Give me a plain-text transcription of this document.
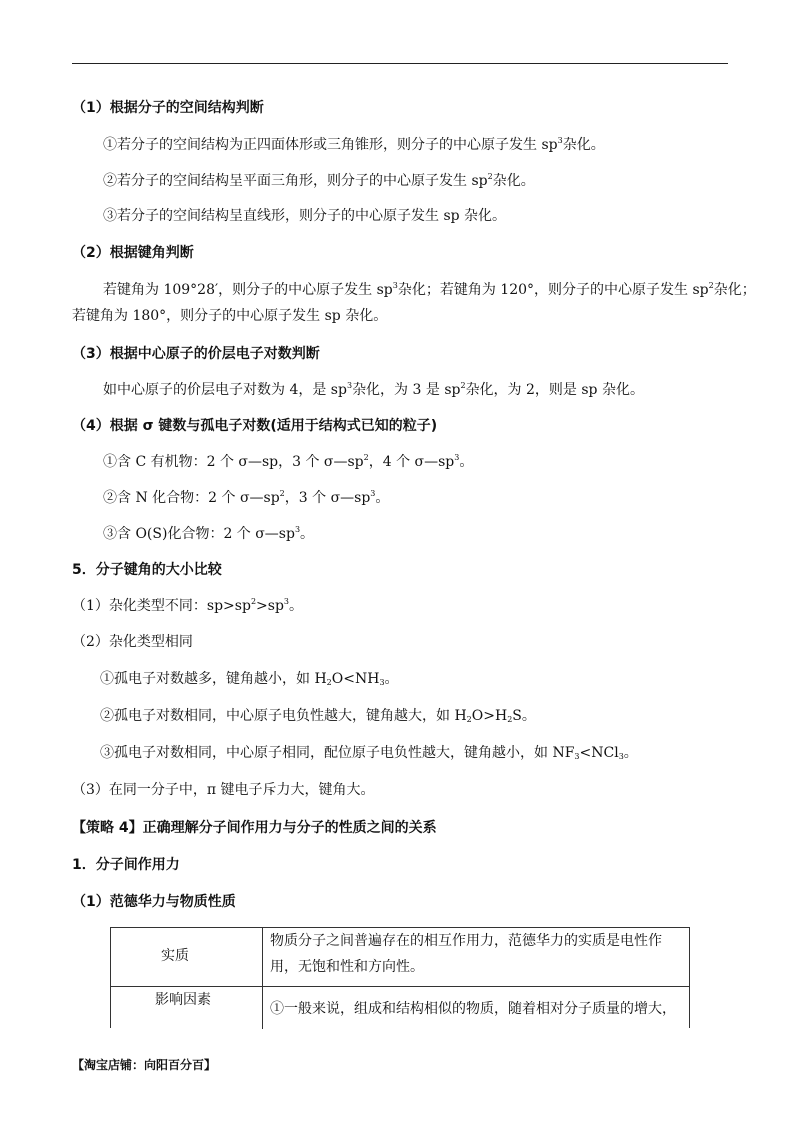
（1）根据分子的空间结构判断
①若分子的空间结构为正四面体形或三角锥形，则分子的中心原子发生 $sp^3$杂化。
②若分子的空间结构呈平面三角形，则分子的中心原子发生 $sp^2$杂化。
③若分子的空间结构呈直线形，则分子的中心原子发生 sp 杂化。
（2）根据键角判断
若键角为 109°28′，则分子的中心原子发生 $sp^3$杂化；若键角为 120°，则分子的中心原子发生 $sp^2$杂化；
若键角为 180°，则分子的中心原子发生 sp 杂化。
（3）根据中心原子的价层电子对数判断
如中心原子的价层电子对数为 4，是 $sp^3$杂化，为 3 是 $sp^2$杂化，为 2，则是 sp 杂化。
（4）根据 σ 键数与孤电子对数(适用于结构式已知的粒子)
①含 C 有机物：2 个 σ—sp，3 个 $\sigma—sp^2$，4 个 $\sigma—sp^3$。
②含 N 化合物：2 个 $\sigma—sp^2$，3 个 $\sigma—sp^3$。
③含 O(S)化合物：2 个 $\sigma—sp^3$。
5．分子键角的大小比较
（1）杂化类型不同：$sp>sp^2>sp^3$。
（2）杂化类型相同
①孤电子对数越多，键角越小，如 $H_2O<NH_3$。
②孤电子对数相同，中心原子电负性越大，键角越大，如 $H_2O>H_2S$。
③孤电子对数相同，中心原子相同，配位原子电负性越大，键角越小，如 $NF_3<NCl_3$。
（3）在同一分子中，π 键电子斥力大，键角大。
【策略 4】正确理解分子间作用力与分子的性质之间的关系
1．分子间作用力
（1）范德华力与物质性质
实质
物质分子之间普遍存在的相互作用力，范德华力的实质是电性作
用，无饱和性和方向性。
影响因素
①一般来说，组成和结构相似的物质，随着相对分子质量的增大，
【淘宝店铺：向阳百分百】
